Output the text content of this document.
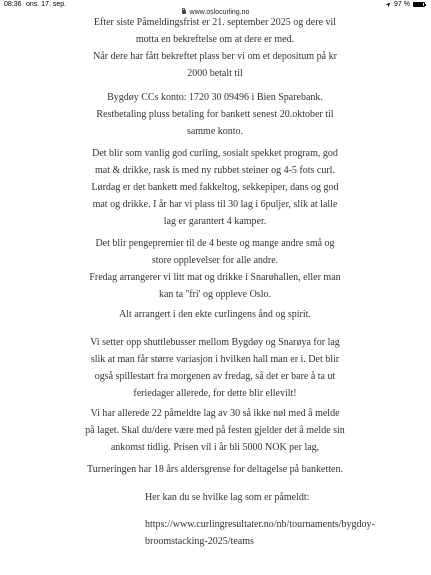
Efter siste Påmeldingsfrist er 21. september 2025 og dere vil
motta en bekreftelse om at dere er med.
Når dere har fått bekreftet plass ber vi om et depositum på kr
2000 betalt til
Bygdøy CCs konto: 1720 30 09496 i Bien Sparebank.
Restbetaling pluss betaling for bankett senest 20.oktober til
samme konto.
Det blir som vanlig god curling, sosialt spekket program, god
mat & drikke, rask is med ny rubbet steiner og 4-5 fots curl.
Lørdag er det bankett med fakkeltog, sekkepiper, dans og god
mat og drikke. I år har vi plass til 30 lag i 6puljer, slik at lalle
lag er garantert 4 kamper.
Det blir pengepremier til de 4 beste og mange andre små og
store opplevelser for alle andre.
Fredag arrangerer vi litt mat og drikke i Snarøhallen, eller man
kan ta ''fri' og oppleve Oslo.
Alt arrangert i den ekte curlingens ånd og spirit.
Vi setter opp shuttlebusser mellom Bygdøy og Snarøya for lag
slik at man får større variasjon i hvilken hall man er i. Det blir
også spillestart fra morgenen av fredag, så det er bare å ta ut
feriedager allerede, for dette blir ellevilt!
Vi har allerede 22 påmeldte lag av 30 så ikke nøl med å melde
på laget. Skal du/dere være med på festen gjelder det å melde sin
ankomst tidlig. Prisen vil i år bli 5000 NOK per lag,
Turneringen har 18 års aldersgrense for deltagelse på banketten.
Her kan du se hvilke lag som er påmeldt:
https://www.curlingresultater.no/nb/tournaments/bygdoy-
broomstacking-2025/teams
08:36 ons. 17. sep.	97 %
www.oslocurling.no
